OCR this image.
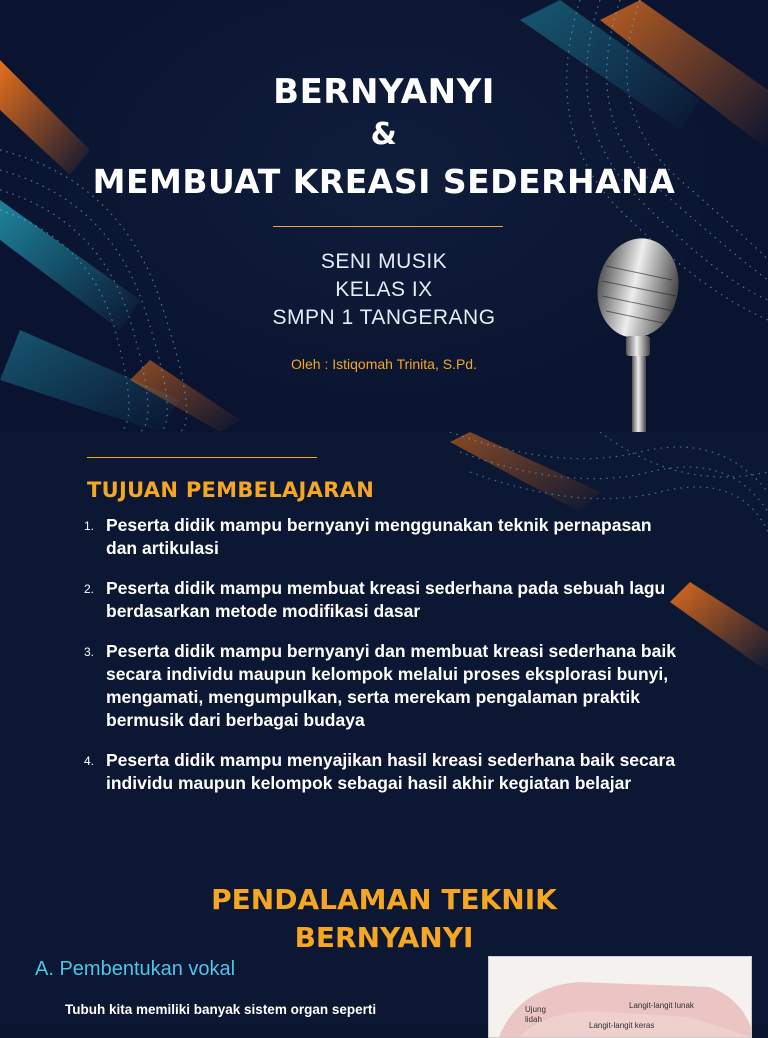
BERNYANYI
&
MEMBUAT KREASI SEDERHANA
SENI MUSIK
KELAS IX
SMPN 1 TANGERANG
Oleh : Istiqomah Trinita, S.Pd.
TUJUAN PEMBELAJARAN
1. Peserta didik mampu bernyanyi menggunakan teknik pernapasan dan artikulasi
2. Peserta didik mampu membuat kreasi sederhana pada sebuah lagu berdasarkan metode modifikasi dasar
3. Peserta didik mampu bernyanyi dan membuat kreasi sederhana baik secara individu maupun kelompok melalui proses eksplorasi bunyi, mengamati, mengumpulkan, serta merekam pengalaman praktik bermusik dari berbagai budaya
4. Peserta didik mampu menyajikan hasil kreasi sederhana baik secara individu maupun kelompok sebagai hasil akhir kegiatan belajar
PENDALAMAN TEKNIK
BERNYANYI
A. Pembentukan vokal
Tubuh kita memiliki banyak sistem organ seperti	Ujung
lidah
Langit-langit lunak
Langit-langit keras
